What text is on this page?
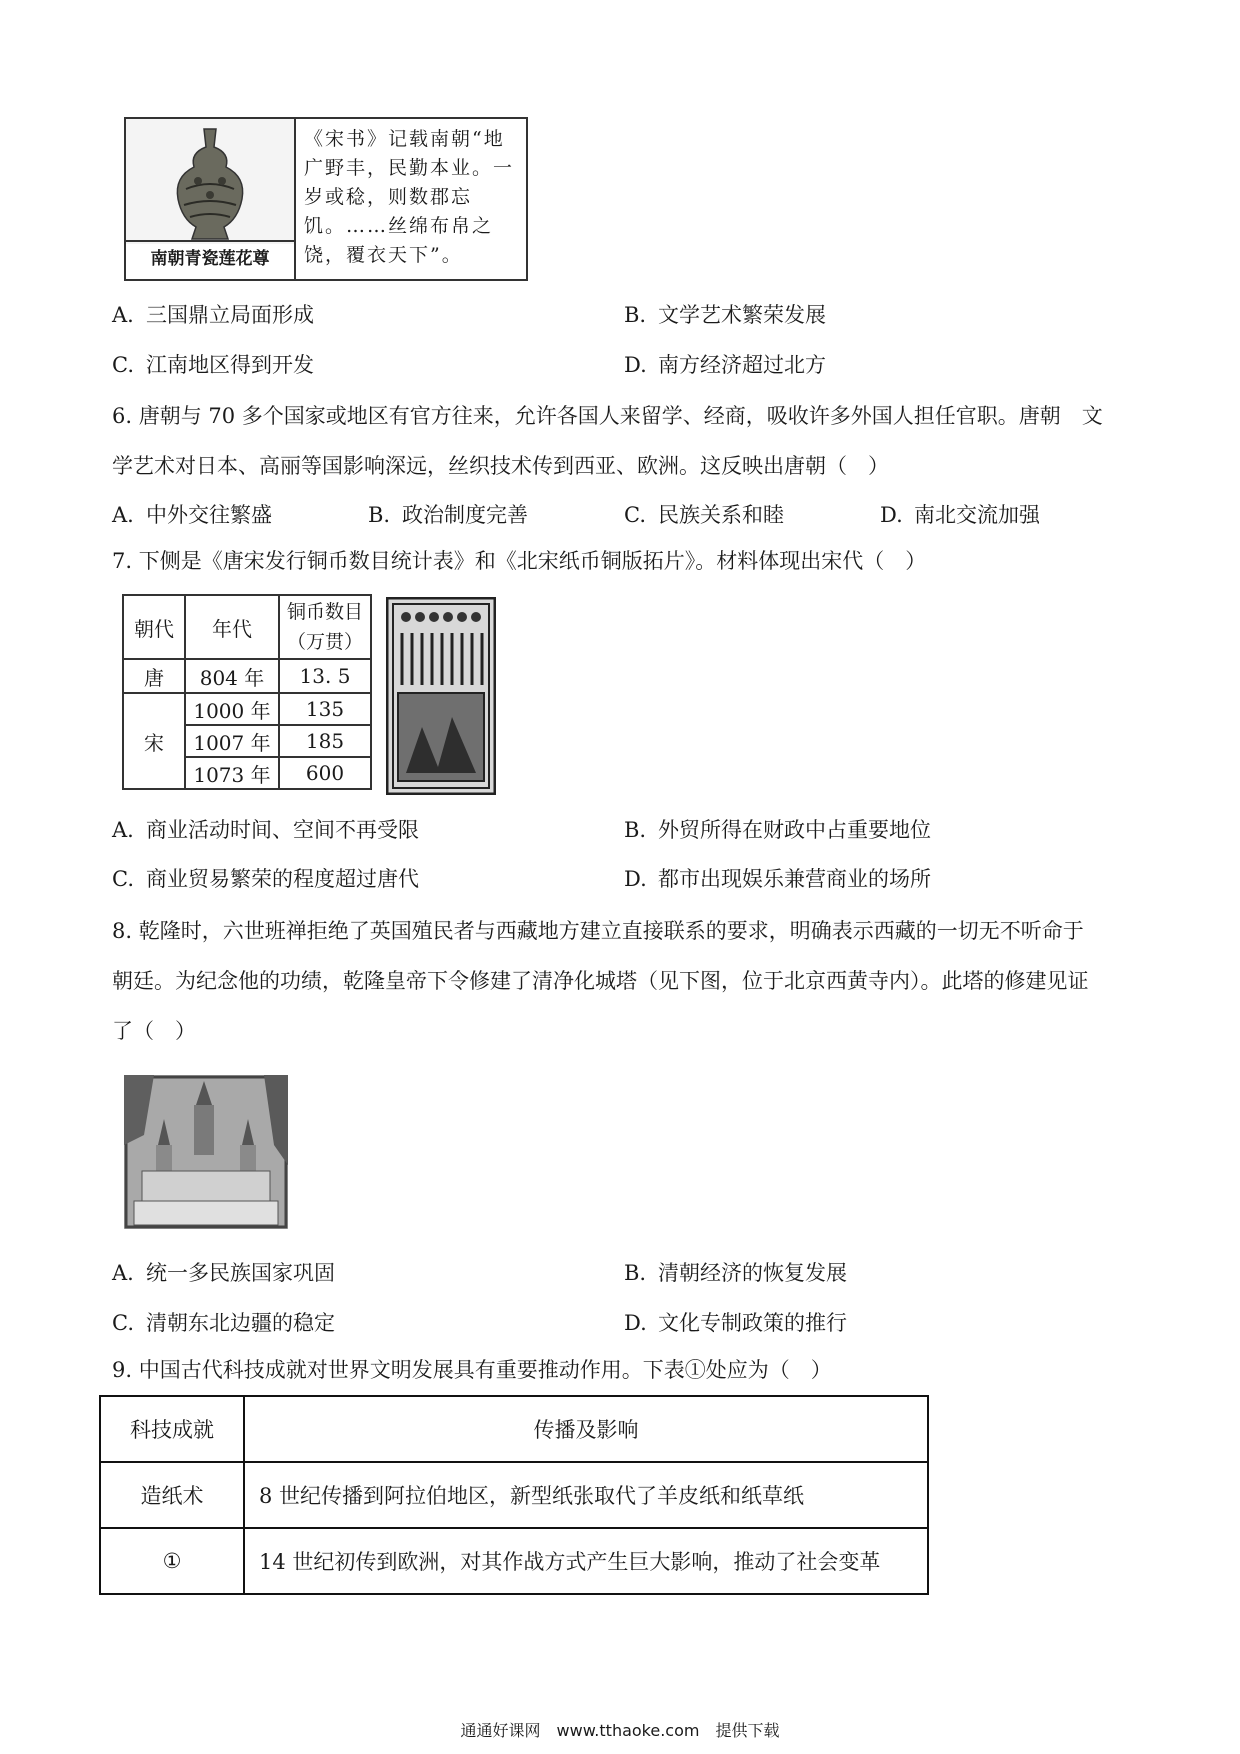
南朝青瓷莲花尊
《宋书》记载南朝“地广野丰，民勤本业。一岁或稔，则数郡忘饥。……丝绵布帛之饶，覆衣天下”。
A. 三国鼎立局面形成	B. 文学艺术繁荣发展
C. 江南地区得到开发	D. 南方经济超过北方
6. 唐朝与 70 多个国家或地区有官方往来，允许各国人来留学、经商，吸收许多外国人担任官职。唐朝　文
学艺术对日本、高丽等国影响深远，丝织技术传到西亚、欧洲。这反映出唐朝（　）
A. 中外交往繁盛	B. 政治制度完善	C. 民族关系和睦	D. 南北交流加强
7. 下侧是《唐宋发行铜币数目统计表》和《北宋纸币铜版拓片》。材料体现出宋代（　）
朝代	年代	铜币数目
（万贯）
唐	804 年	13. 5
宋	1000 年	135
	1007 年	185
	1073 年	600
A. 商业活动时间、空间不再受限	B. 外贸所得在财政中占重要地位
C. 商业贸易繁荣的程度超过唐代	D. 都市出现娱乐兼营商业的场所
8. 乾隆时，六世班禅拒绝了英国殖民者与西藏地方建立直接联系的要求，明确表示西藏的一切无不听命于
朝廷。为纪念他的功绩，乾隆皇帝下令修建了清净化城塔（见下图，位于北京西黄寺内）。此塔的修建见证
了（　）
A. 统一多民族国家巩固	B. 清朝经济的恢复发展
C. 清朝东北边疆的稳定	D. 文化专制政策的推行
9. 中国古代科技成就对世界文明发展具有重要推动作用。下表①处应为（　）
科技成就	传播及影响
造纸术	8 世纪传播到阿拉伯地区，新型纸张取代了羊皮纸和纸草纸
①	14 世纪初传到欧洲，对其作战方式产生巨大影响，推动了社会变革
通通好课网　www.tthaoke.com　提供下载
